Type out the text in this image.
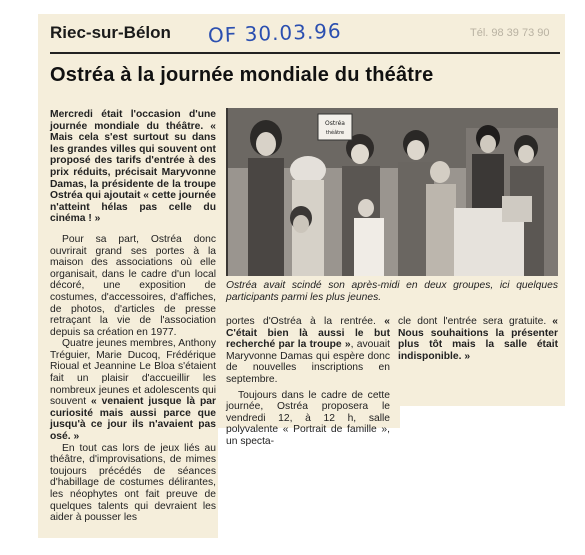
Tél. 98 39 73 90
Riec-sur-Bélon OF 30.03.96
Ostréa à la journée mondiale du théâtre

Mercredi était l'occasion d'une journée mondiale du théâtre. « Mais cela s'est surtout su dans les grandes villes qui souvent ont proposé des tarifs d'entrée à des prix réduits, précisait Maryvonne Damas, la présidente de la troupe Ostréa qui ajoutait « cette journée n'atteint hélas pas celle du cinéma ! »

Pour sa part, Ostréa donc ouvrirait grand ses portes à la maison des associations où elle organisait, dans le cadre d'un local décoré, une exposition de costumes, d'accessoires, d'affiches, de photos, d'articles de presse retraçant la vie de l'association depuis sa création en 1977.

Quatre jeunes membres, Anthony Tréguier, Marie Ducoq, Frédérique Rioual et Jeannine Le Bloa s'étaient fait un plaisir d'accueillir les nombreux jeunes et adolescents qui souvent « venaient jusque là par curiosité mais aussi parce que jusqu'à ce jour ils n'avaient pas osé. »

En tout cas lors de jeux liés au théâtre, d'improvisations, de mimes toujours précédés de séances d'habillage de costumes délirantes, les néophytes ont fait preuve de quelques talents qui devraient les aider à pousser les

Ostréa
théâtre
Ostréa avait scindé son après-midi en deux groupes, ici quelques participants parmi les plus jeunes.

portes d'Ostréa à la rentrée. « C'était bien là aussi le but recherché par la troupe », avouait Maryvonne Damas qui espère donc de nouvelles inscriptions en septembre.

Toujours dans le cadre de cette journée, Ostréa proposera le vendredi 12, à 12 h, salle polyvalente « Portrait de famille », un specta-

cle dont l'entrée sera gratuite. « Nous souhaitions la présenter plus tôt mais la salle était indisponible. »
